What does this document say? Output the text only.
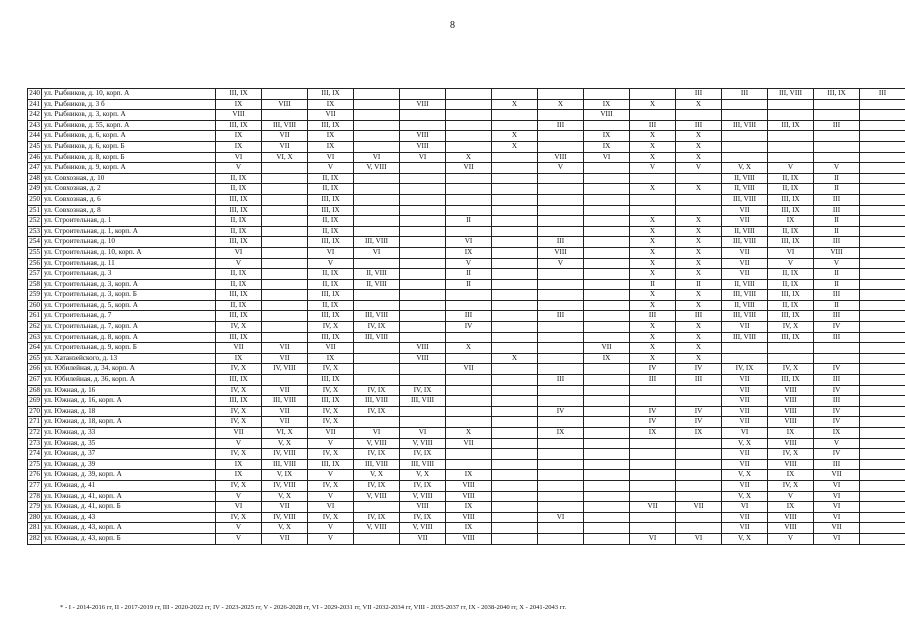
8
240	ул. Рыбников, д. 10, корп. А	III, IX		III, IX								III	III	III, VIII	III, IX	III
241	ул. Рыбников, д. 3 б	IX	VIII	IX		VIII		X	X	IX	X	X				
242	ул. Рыбников, д. 3, корп. А	VIII		VII						VIII						
243	ул. Рыбников, д. 55, корп. А	III, IX	III, VIII	III, IX					III		III	III	III, VIII	III, IX	III	
244	ул. Рыбников, д. 6, корп. А	IX	VII	IX		VIII		X		IX	X	X				
245	ул. Рыбников, д. 6, корп. Б	IX	VII	IX		VIII		X		IX	X	X				
246	ул. Рыбников, д. 8, корп. Б	VI	VI, X	VI	VI	VI	X		VIII	VI	X	X				
247	ул. Рыбников, д. 9, корп. А	V		V	V, VIII		VII		V		V	V	V, X	V	V	
248	ул. Совхозная, д. 10	II, IX		II, IX									II, VIII	II, IX	II	
249	ул. Совхозная, д. 2	II, IX		II, IX							X	X	II, VIII	II, IX	II	
250	ул. Совхозная, д. 6	III, IX		III, IX									III, VIII	III, IX	III	
251	ул. Совхозная, д. 8	III, IX		III, IX									VII	III, IX	III	
252	ул. Строительная, д. 1	II, IX		II, IX			II				X	X	VII	IX	II	
253	ул. Строительная, д. 1, корп. А	II, IX		II, IX							X	X	II, VIII	II, IX	II	
254	ул. Строительная, д. 10	III, IX		III, IX	III, VIII		VI		III		X	X	III, VIII	III, IX	III	
255	ул. Строительная, д. 10, корп. А	VI		VI	VI		IX		VIII		X	X	VII	VI	VIII	
256	ул. Строительная, д. 11	V		V			V		V		X	X	VII	V	V	
257	ул. Строительная, д. 3	II, IX		II, IX	II, VIII		II				X	X	VII	II, IX	II	
258	ул. Строительная, д. 3, корп. А	II, IX		II, IX	II, VIII		II				II	II	II, VIII	II, IX	II	
259	ул. Строительная, д. 3, корп. Б	III, IX		III, IX							X	X	III, VIII	III, IX	III	
260	ул. Строительная, д. 5, корп. А	II, IX		II, IX							X	X	II, VIII	II, IX	II	
261	ул. Строительная, д. 7	III, IX		III, IX	III, VIII		III		III		III	III	III, VIII	III, IX	III	
262	ул. Строительная, д. 7, корп. А	IV, X		IV, X	IV, IX		IV				X	X	VII	IV, X	IV	
263	ул. Строительная, д. 8, корп. А	III, IX		III, IX	III, VIII						X	X	III, VIII	III, IX	III	
264	ул. Строительная, д. 9, корп. Б	VII	VII	VII		VIII	X			VII	X	X				
265	ул. Хатанзейского, д. 13	IX	VII	IX		VIII		X		IX	X	X				
266	ул. Юбилейная, д. 34, корп. А	IV, X	IV, VIII	IV, X			VII				IV	IV	IV, IX	IV, X	IV	
267	ул. Юбилейная, д. 36, корп. А	III, IX		III, IX					III		III	III	VII	III, IX	III	
268	ул. Южная, д. 16	IV, X	VII	IV, X	IV, IX	IV, IX							VII	VIII	IV	
269	ул. Южная, д. 16, корп. А	III, IX	III, VIII	III, IX	III, VIII	III, VIII							VII	VIII	III	
270	ул. Южная, д. 18	IV, X	VII	IV, X	IV, IX				IV		IV	IV	VII	VIII	IV	
271	ул. Южная, д. 18, корп. А	IV, X	VII	IV, X							IV	IV	VII	VIII	IV	
272	ул. Южная, д. 33	VII	VI, X	VII	VI	VI	X		IX		IX	IX	VI	IX	IX	
273	ул. Южная, д. 35	V	V, X	V	V, VIII	V, VIII	VII						V, X	VIII	V	
274	ул. Южная, д. 37	IV, X	IV, VIII	IV, X	IV, IX	IV, IX							VII	IV, X	IV	
275	ул. Южная, д. 39	IX	III, VIII	III, IX	III, VIII	III, VIII							VII	VIII	III	
276	ул. Южная, д. 39, корп. А	IX	V, IX	V	V, X	V, X	IX						V, X	IX	VII	
277	ул. Южная, д. 41	IV, X	IV, VIII	IV, X	IV, IX	IV, IX	VIII						VII	IV, X	VI	
278	ул. Южная, д. 41, корп. А	V	V, X	V	V, VIII	V, VIII	VIII						V, X	V	VI	
279	ул. Южная, д. 41, корп. Б	VI	VII	VI		VIII	IX				VII	VII	VI	IX	VI	
280	ул. Южная, д. 43	IV, X	IV, VIII	IV, X	IV, IX	IV, IX	VIII		VI				VII	VIII	VI	
281	ул. Южная, д. 43, корп. А	V	V, X	V	V, VIII	V, VIII	IX						VII	VIII	VII	
282	ул. Южная, д. 43, корп. Б	V	VII	V		VII	VIII				VI	VI	V, X	V	VI	
* - I - 2014-2016 гг, II - 2017-2019 гг, III - 2020-2022 гг, IV - 2023-2025 гг, V - 2026-2028 гг, VI - 2029-2031 гг, VII -2032-2034 гг, VIII - 2035-2037 гг, IX - 2038-2040 гг, X - 2041-2043 гг.
